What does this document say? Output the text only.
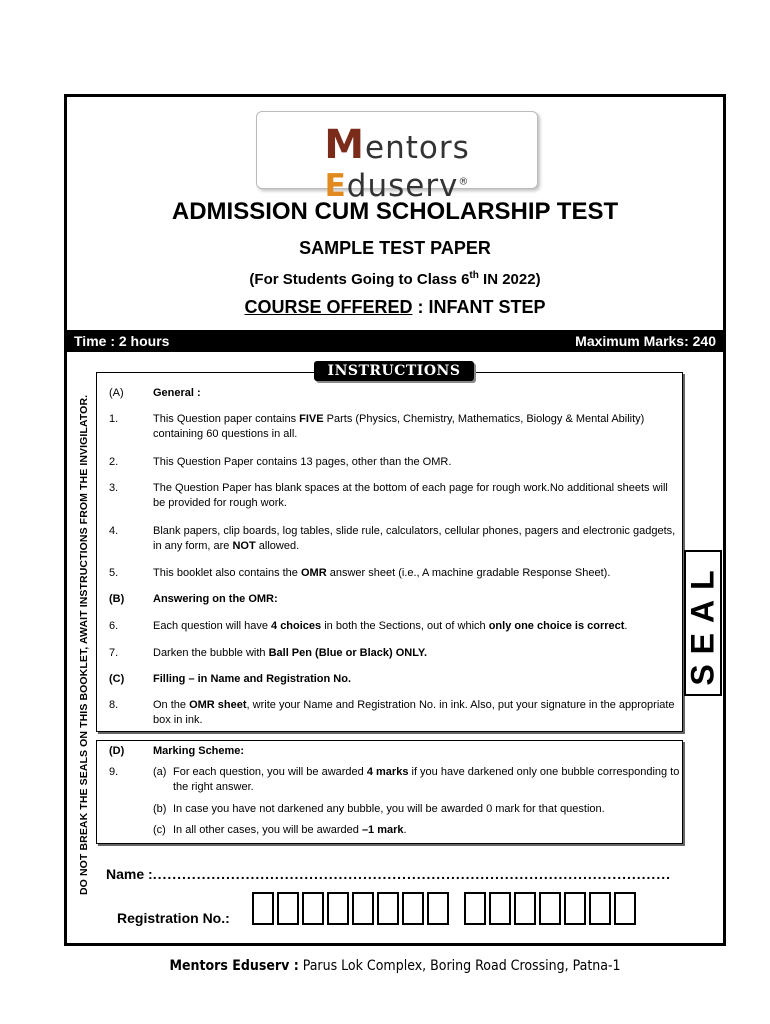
Mentors Eduserv®
ADMISSION CUM SCHOLARSHIP TEST
SAMPLE TEST PAPER
(For Students Going to Class 6th IN 2022)
COURSE OFFERED : INFANT STEP
Time : 2 hours	Maximum Marks: 240
DO NOT BREAK THE SEALS ON THIS BOOKLET, AWAIT INSTRUCTIONS FROM THE INVIGILATOR.
(A)	General :
1.	This Question paper contains FIVE Parts (Physics, Chemistry, Mathematics, Biology & Mental Ability) containing 60 questions in all.
2.	This Question Paper contains 13 pages, other than the OMR.
3.	The Question Paper has blank spaces at the bottom of each page for rough work.No additional sheets will be provided for rough work.
4.	Blank papers, clip boards, log tables, slide rule, calculators, cellular phones, pagers and electronic gadgets, in any form, are NOT allowed.
5.	This booklet also contains the OMR answer sheet (i.e., A machine gradable Response Sheet).
(B)	Answering on the OMR:
6.	Each question will have 4 choices in both the Sections, out of which only one choice is correct.
7.	Darken the bubble with Ball Pen (Blue or Black) ONLY.
(C)	Filling – in Name and Registration No.
8.	On the OMR sheet, write your Name and Registration No. in ink. Also, put your signature in the appropriate box in ink.
INSTRUCTIONS
(D)	Marking Scheme:
9.	(a) For each question, you will be awarded 4 marks if you have darkened only one bubble corresponding to the right answer.
(b) In case you have not darkened any bubble, you will be awarded 0 mark for that question.
(c) In all other cases, you will be awarded –1 mark.
SEAL
Name :..........................................................................................................
Registration No.:
Mentors Eduserv : Parus Lok Complex, Boring Road Crossing, Patna-1
